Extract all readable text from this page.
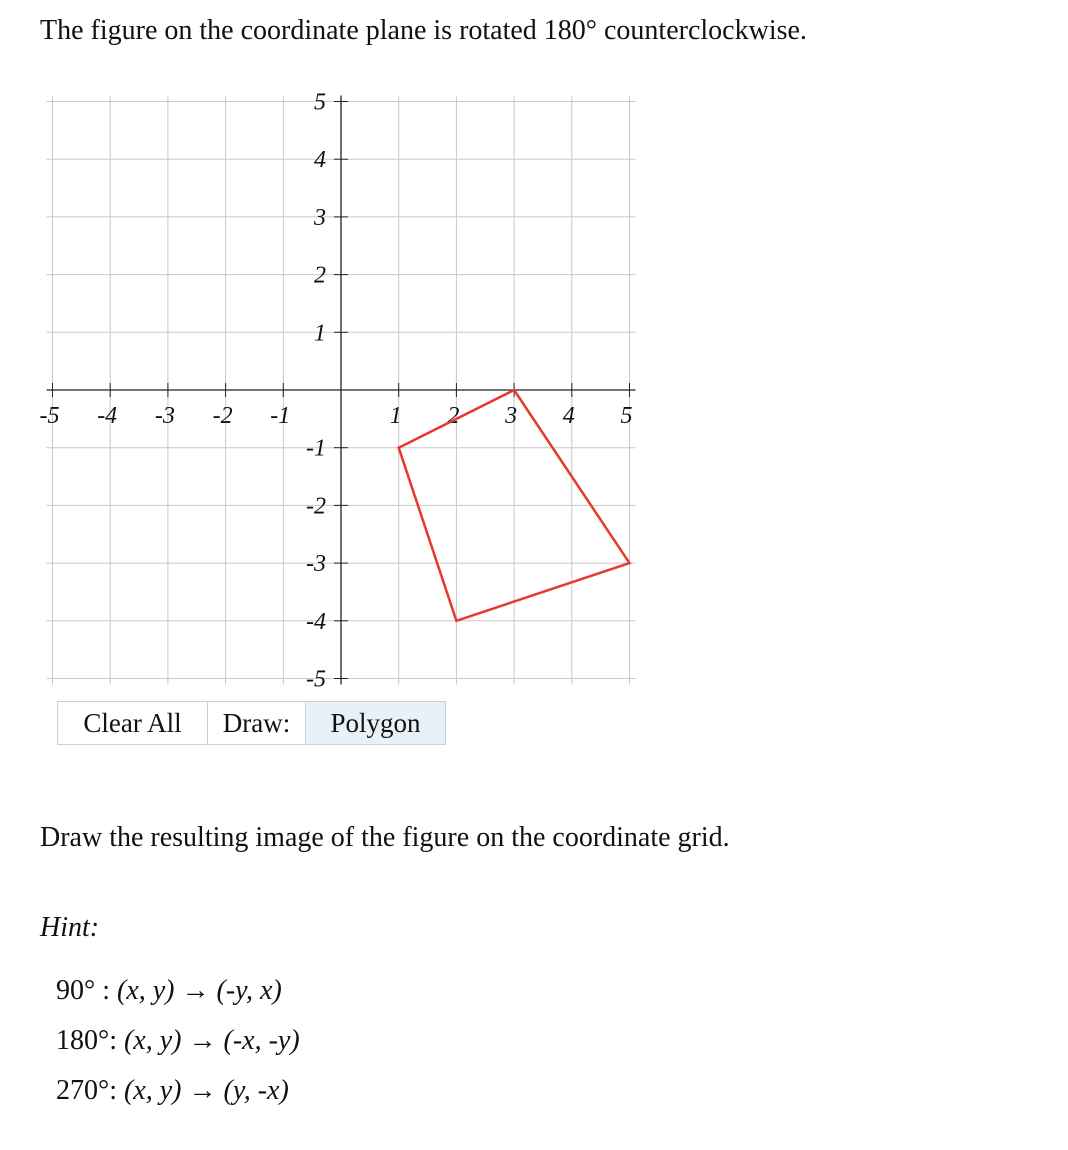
The figure on the coordinate plane is rotated 180° counterclockwise.
-5 -4 -3 -2 -1	1 2 3 4 5
5
4
3
2
1
-1
-2
-3
-4
-5
Clear All	Draw:	Polygon
Draw the resulting image of the figure on the coordinate grid.
Hint:
90° : (x, y) → (-y, x)
180°: (x, y) → (-x, -y)
270°: (x, y) → (y, -x)
